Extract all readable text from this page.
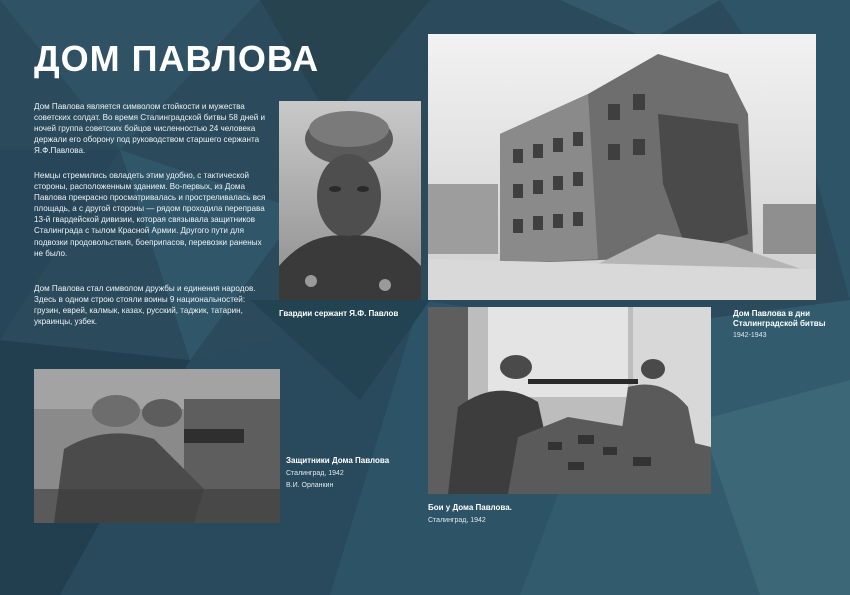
ДОМ ПАВЛОВА

Дом Павлова является символом стойкости и мужества советских солдат. Во время Сталинградской битвы 58 дней и ночей группа советских бойцов численностью 24 человека держали его оборону под руководством старшего сержанта Я.Ф.Павлова.

Немцы стремились овладеть этим удобно, с тактической стороны, расположенным зданием. Во-первых, из Дома Павлова прекрасно просматривалась и простреливалась вся площадь, а с другой стороны — рядом проходила переправа 13-й гвардейской дивизии, которая связывала защитников Сталинграда с тылом Красной Армии. Другого пути для подвозки продовольствия, боеприпасов, перевозки раненых не было.

Дом Павлова стал символом дружбы и единения народов. Здесь в одном строю стояли воины 9 национальностей: грузин, еврей, калмык, казах, русский, таджик, татарин, украинцы, узбек.

Гвардии сержант Я.Ф. Павлов	Дом Павлова в дни Сталинградской битвы

1942-1943

Защитники Дома Павлова

Сталинград, 1942

В.И. Орланкин

Бои у Дома Павлова.

Сталинград, 1942
